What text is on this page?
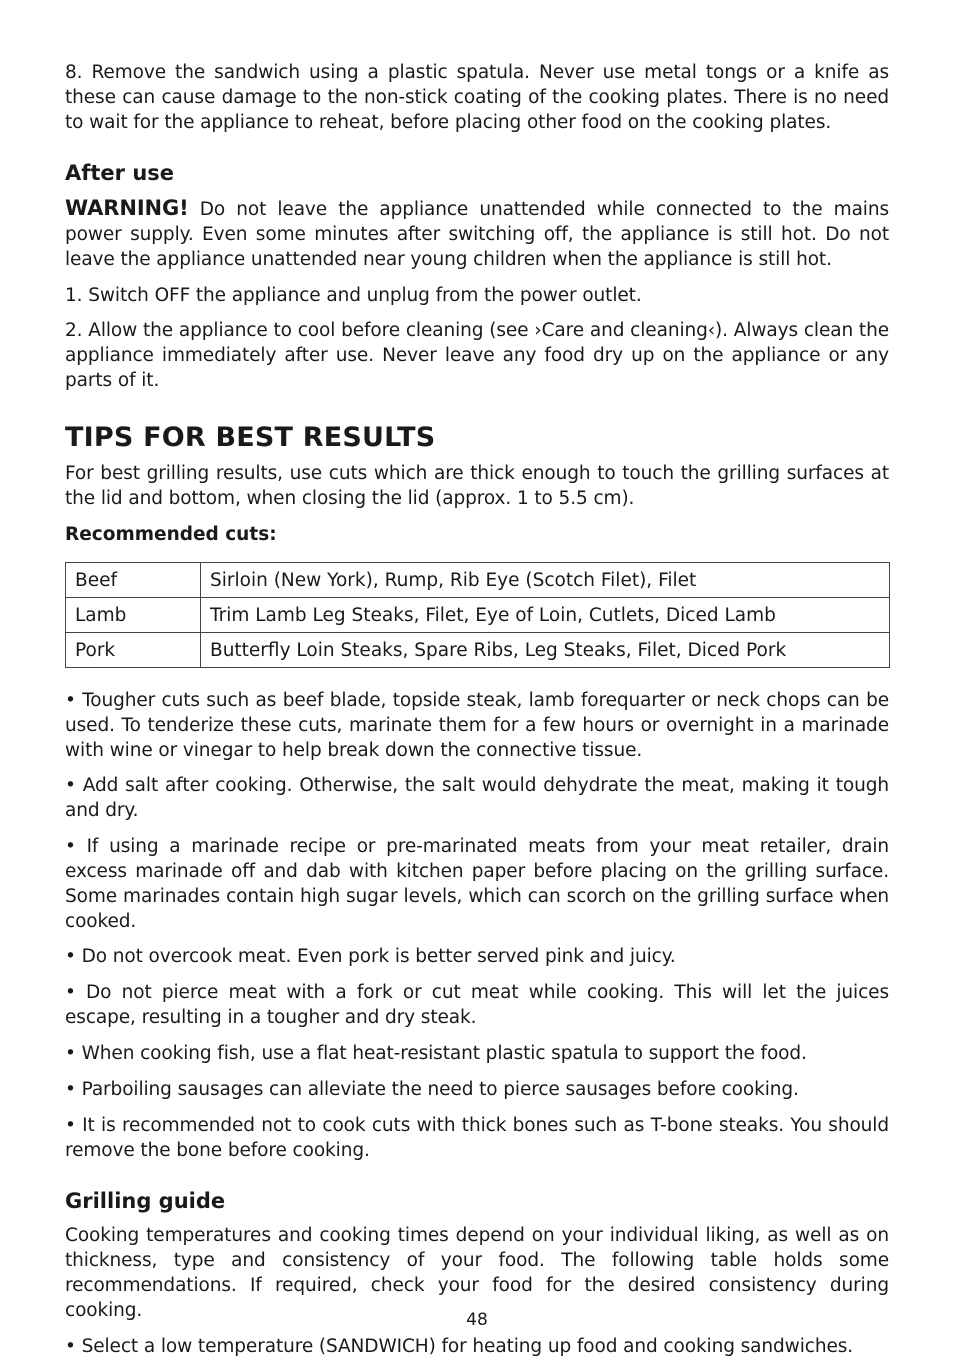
8. Remove the sandwich using a plastic spatula. Never use metal tongs or a knife as these can cause damage to the non-stick coating of the cooking plates. There is no need to wait for the appliance to reheat, before placing other food on the cooking plates.

After use

WARNING! Do not leave the appliance unattended while connected to the mains power supply. Even some minutes after switching off, the appliance is still hot. Do not leave the appliance unattended near young children when the appliance is still hot.

1. Switch OFF the appliance and unplug from the power outlet.

2. Allow the appliance to cool before cleaning (see ›Care and cleaning‹). Always clean the appliance immediately after use. Never leave any food dry up on the appliance or any parts of it.

TIPS FOR BEST RESULTS

For best grilling results, use cuts which are thick enough to touch the grilling surfaces at the lid and bottom, when closing the lid (approx. 1 to 5.5 cm).

Recommended cuts:
Beef	Sirloin (New York), Rump, Rib Eye (Scotch Filet), Filet
Lamb	Trim Lamb Leg Steaks, Filet, Eye of Loin, Cutlets, Diced Lamb
Pork	Butterfly Loin Steaks, Spare Ribs, Leg Steaks, Filet, Diced Pork

• Tougher cuts such as beef blade, topside steak, lamb forequarter or neck chops can be used. To tenderize these cuts, marinate them for a few hours or overnight in a marinade with wine or vinegar to help break down the connective tissue.

• Add salt after cooking. Otherwise, the salt would dehydrate the meat, making it tough and dry.

• If using a marinade recipe or pre-marinated meats from your meat retailer, drain excess marinade off and dab with kitchen paper before placing on the grilling surface. Some marinades contain high sugar levels, which can scorch on the grilling surface when cooked.

• Do not overcook meat. Even pork is better served pink and juicy.

• Do not pierce meat with a fork or cut meat while cooking. This will let the juices escape, resulting in a tougher and dry steak.

• When cooking fish, use a flat heat-resistant plastic spatula to support the food.

• Parboiling sausages can alleviate the need to pierce sausages before cooking.

• It is recommended not to cook cuts with thick bones such as T-bone steaks. You should remove the bone before cooking.

Grilling guide

Cooking temperatures and cooking times depend on your individual liking, as well as on thickness, type and consistency of your food. The following table holds some recommendations. If required, check your food for the desired consistency during cooking.

• Select a low temperature (SANDWICH) for heating up food and cooking sandwiches.

48
